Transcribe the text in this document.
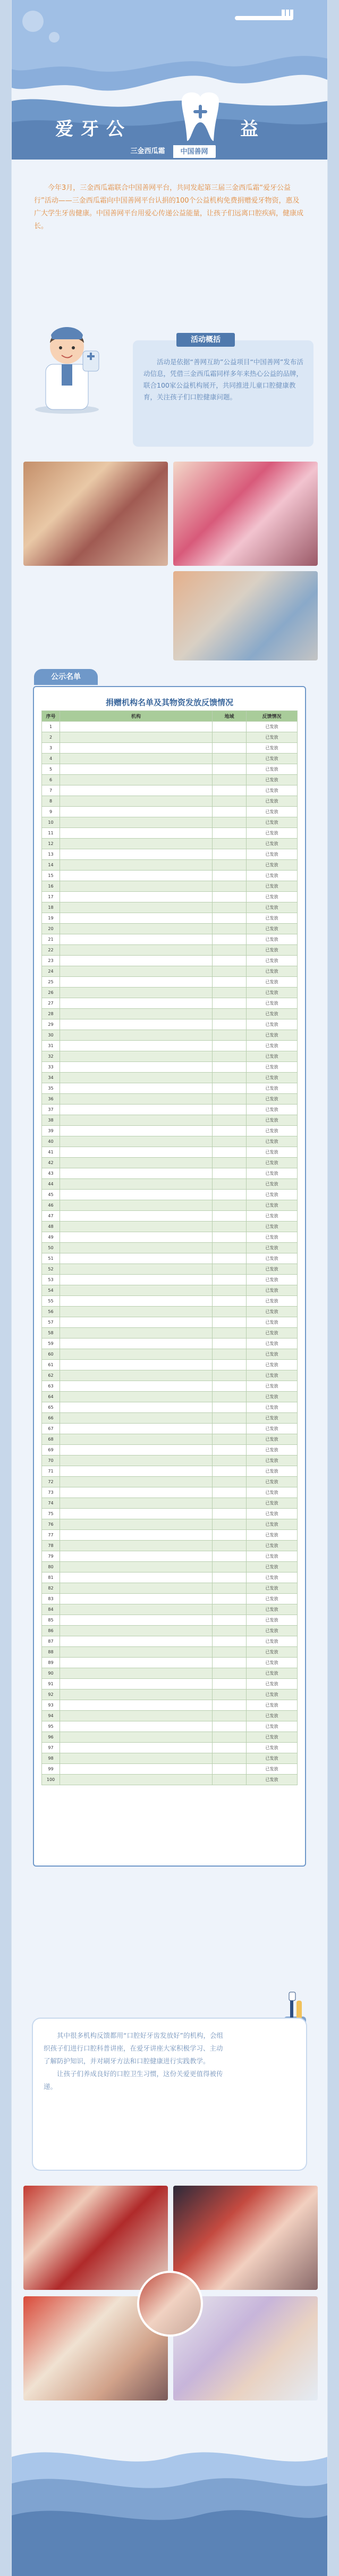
爱牙公	益
三金西瓜霜	中国善网

今年3月，三金西瓜霜联合中国善网平台，共同发起第三届三金西瓜霜“爱牙公益行”活动——三金西瓜霜向中国善网平台认捐的100个公益机构免费捐赠爱牙物资，惠及广大学生牙齿健康。中国善网平台用爱心传递公益能量，让孩子们远离口腔疾病，健康成长。

活动是依据“善网互助”公益项目“中国善网”发布活动信息，凭借三金西瓜霜同样多年来热心公益的品牌，联合100家公益机构展开，共同推进儿童口腔健康教育，关注孩子们口腔健康问题。

活动概括
公示名单
捐赠机构名单及其物资发放反馈情况
序号	机构	地域	反馈情况
1			已发放
2			已发放
3			已发放
4			已发放
5			已发放
6			已发放
7			已发放
8			已发放
9			已发放
10			已发放
11			已发放
12			已发放
13			已发放
14			已发放
15			已发放
16			已发放
17			已发放
18			已发放
19			已发放
20			已发放
21			已发放
22			已发放
23			已发放
24			已发放
25			已发放
26			已发放
27			已发放
28			已发放
29			已发放
30			已发放
31			已发放
32			已发放
33			已发放
34			已发放
35			已发放
36			已发放
37			已发放
38			已发放
39			已发放
40			已发放
41			已发放
42			已发放
43			已发放
44			已发放
45			已发放
46			已发放
47			已发放
48			已发放
49			已发放
50			已发放
51			已发放
52			已发放
53			已发放
54			已发放
55			已发放
56			已发放
57			已发放
58			已发放
59			已发放
60			已发放
61			已发放
62			已发放
63			已发放
64			已发放
65			已发放
66			已发放
67			已发放
68			已发放
69			已发放
70			已发放
71			已发放
72			已发放
73			已发放
74			已发放
75			已发放
76			已发放
77			已发放
78			已发放
79			已发放
80			已发放
81			已发放
82			已发放
83			已发放
84			已发放
85			已发放
86			已发放
87			已发放
88			已发放
89			已发放
90			已发放
91			已发放
92			已发放
93			已发放
94			已发放
95			已发放
96			已发放
97			已发放
98			已发放
99			已发放
100			已发放

其中很多机构反馈都用“口腔好牙齿发放好”的机构，会组织孩子们进行口腔科普讲座，在爱牙讲座大家积极学习、主动了解防护知识，并对刷牙方法和口腔健康进行实践教学。

让孩子们养成良好的口腔卫生习惯，这份关爱更值得被传递。
